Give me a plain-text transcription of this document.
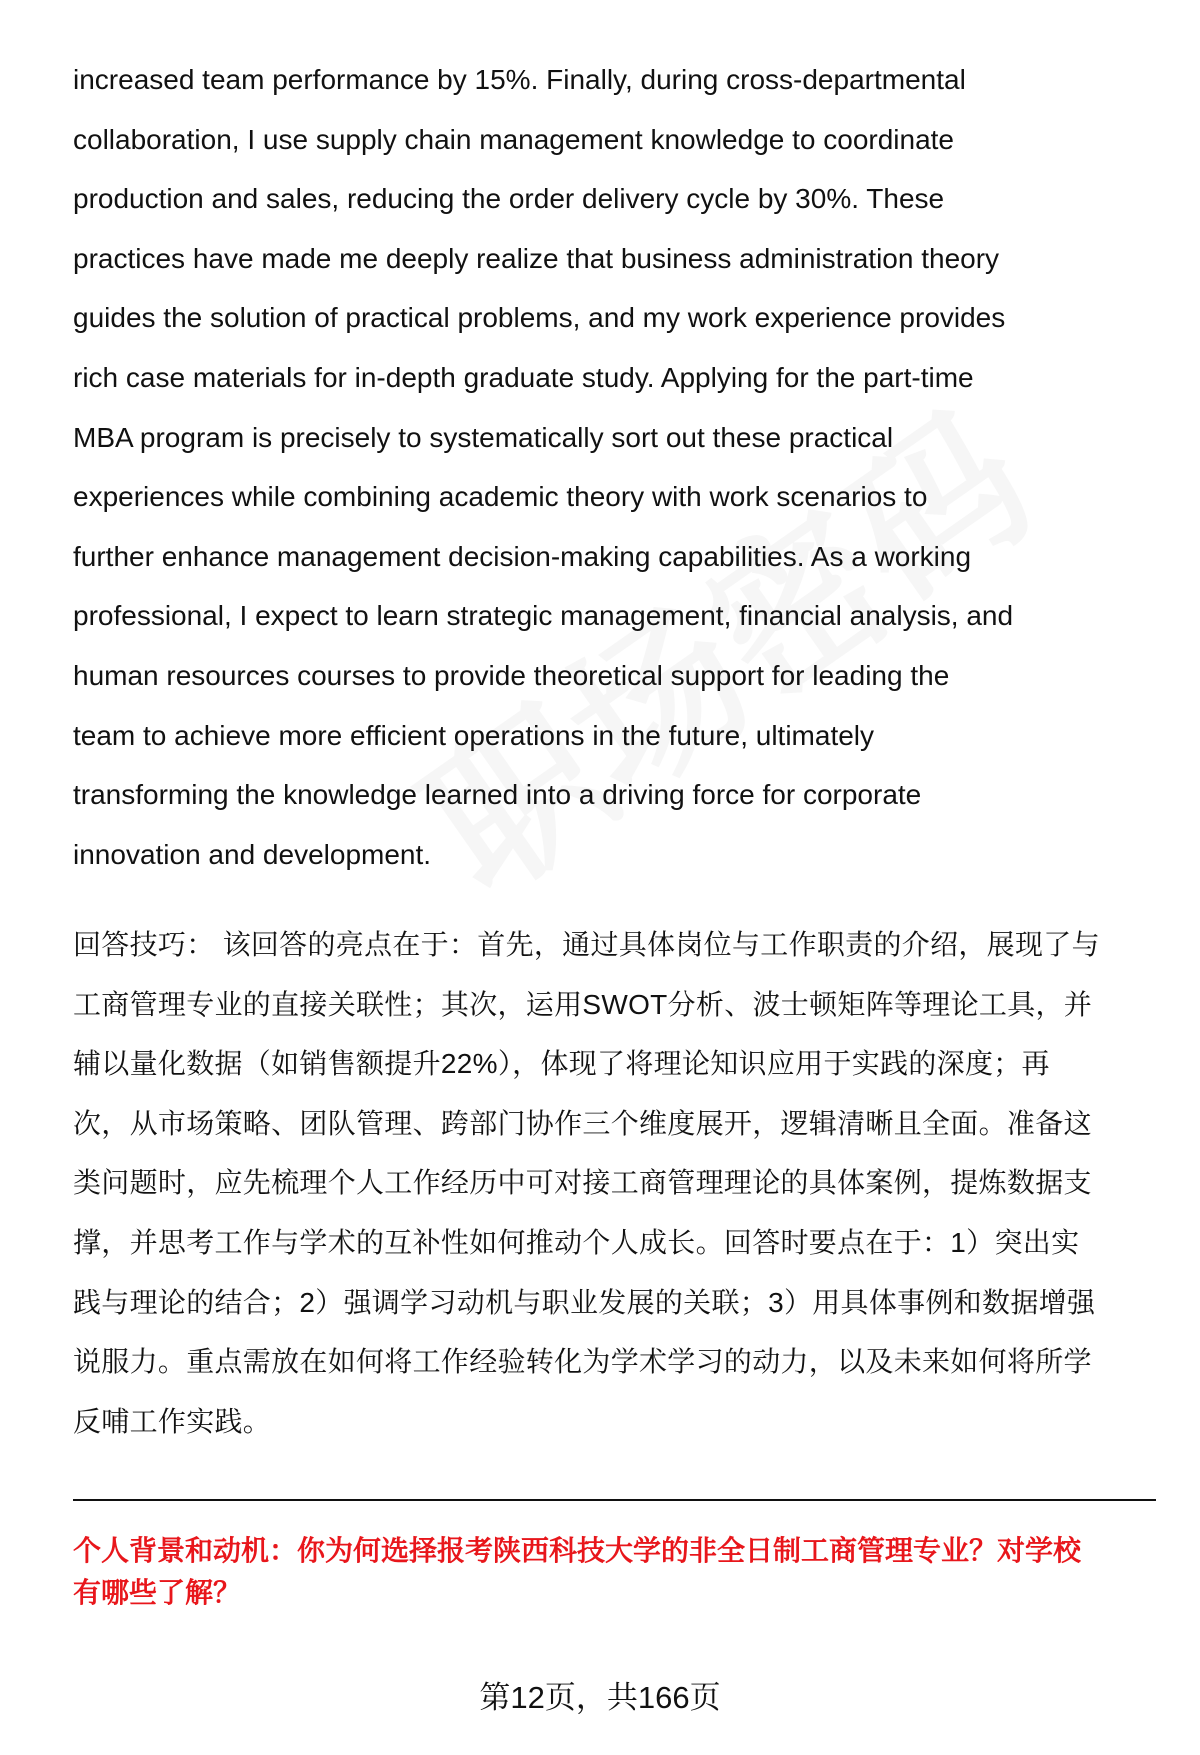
increased team performance by 15%. Finally, during cross-departmental
collaboration, I use supply chain management knowledge to coordinate
production and sales, reducing the order delivery cycle by 30%. These
practices have made me deeply realize that business administration theory
guides the solution of practical problems, and my work experience provides
rich case materials for in-depth graduate study. Applying for the part-time
MBA program is precisely to systematically sort out these practical
experiences while combining academic theory with work scenarios to
further enhance management decision-making capabilities. As a working
professional, I expect to learn strategic management, financial analysis, and
human resources courses to provide theoretical support for leading the
team to achieve more efficient operations in the future, ultimately
transforming the knowledge learned into a driving force for corporate
innovation and development.
回答技巧： 该回答的亮点在于：首先，通过具体岗位与工作职责的介绍，展现了与
工商管理专业的直接关联性；其次，运用SWOT分析、波士顿矩阵等理论工具，并
辅以量化数据（如销售额提升22%），体现了将理论知识应用于实践的深度；再
次，从市场策略、团队管理、跨部门协作三个维度展开，逻辑清晰且全面。准备这
类问题时，应先梳理个人工作经历中可对接工商管理理论的具体案例，提炼数据支
撑，并思考工作与学术的互补性如何推动个人成长。回答时要点在于：1）突出实
践与理论的结合；2）强调学习动机与职业发展的关联；3）用具体事例和数据增强
说服力。重点需放在如何将工作经验转化为学术学习的动力，以及未来如何将所学
反哺工作实践。
个人背景和动机：你为何选择报考陕西科技大学的非全日制工商管理专业？对学校
有哪些了解？
第12页，共166页
